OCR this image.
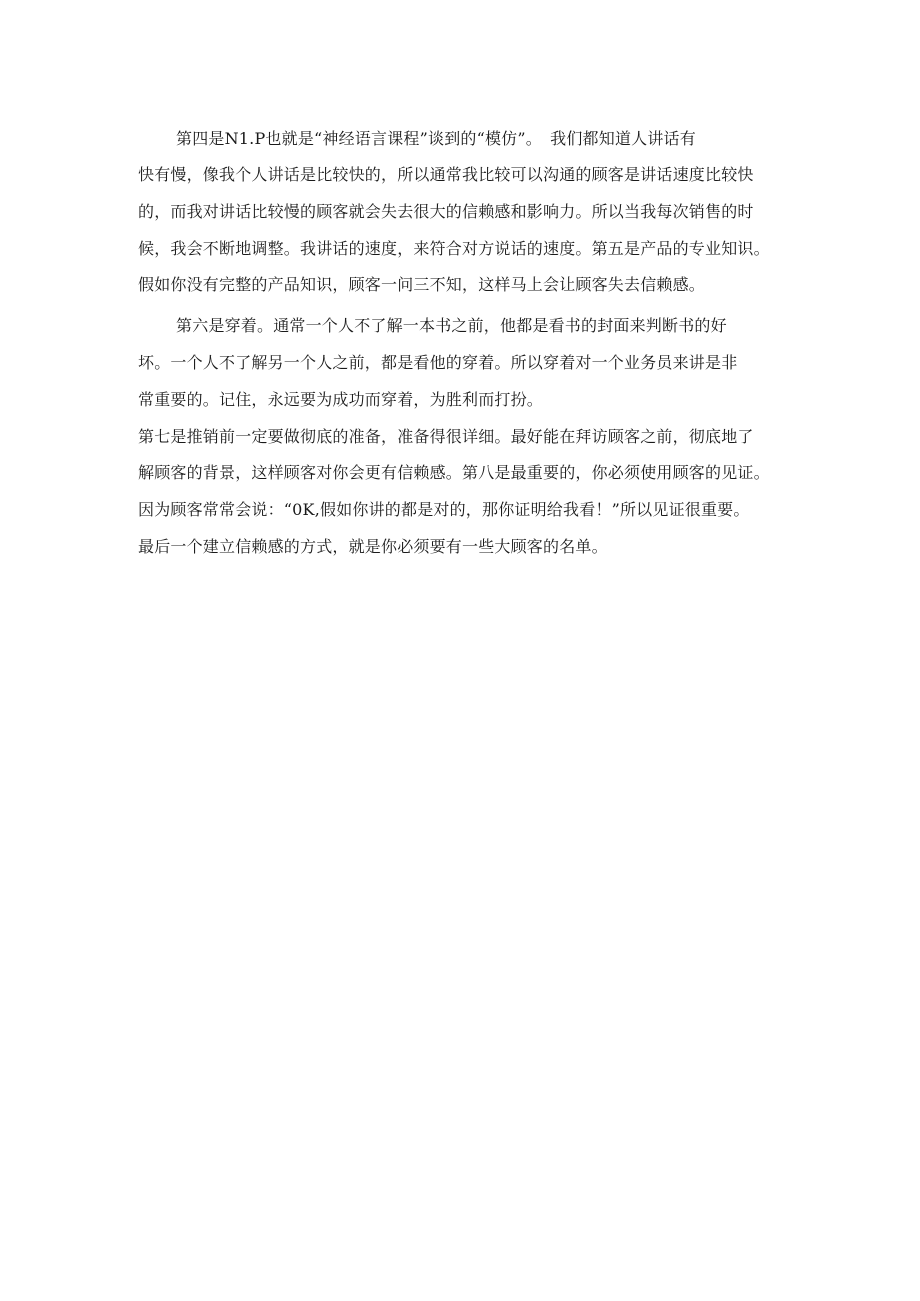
第四是N1.P也就是“神经语言课程”谈到的“模仿”。　我们都知道人讲话有
快有慢，像我个人讲话是比较快的，所以通常我比较可以沟通的顾客是讲话速度比较快
的，而我对讲话比较慢的顾客就会失去很大的信赖感和影响力。所以当我每次销售的时
候，我会不断地调整。我讲话的速度，来符合对方说话的速度。第五是产品的专业知识。
假如你没有完整的产品知识，顾客一问三不知，这样马上会让顾客失去信赖感。
第六是穿着。通常一个人不了解一本书之前，他都是看书的封面来判断书的好
坏。一个人不了解另一个人之前，都是看他的穿着。所以穿着对一个业务员来讲是非
常重要的。记住，永远要为成功而穿着，为胜利而打扮。
第七是推销前一定要做彻底的准备，准备得很详细。最好能在拜访顾客之前，彻底地了
解顾客的背景，这样顾客对你会更有信赖感。第八是最重要的，你必须使用顾客的见证。
因为顾客常常会说：“0K,假如你讲的都是对的，那你证明给我看！”所以见证很重要。
最后一个建立信赖感的方式，就是你必须要有一些大顾客的名单。
